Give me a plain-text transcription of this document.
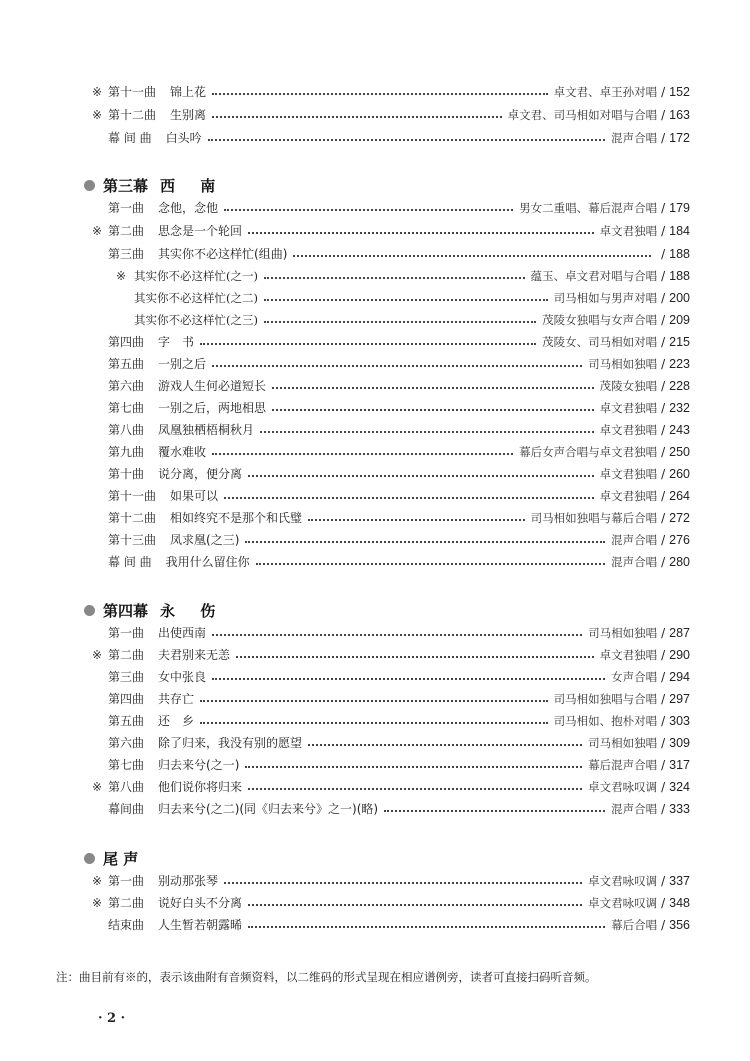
※ 第十一曲 锦上花	卓文君、卓王孙对唱 / 152
※ 第十二曲 生别离	卓文君、司马相如对唱与合唱 / 163
幕 间 曲 白头吟	混声合唱 / 172
第三幕 西 南
第一曲 念他，念他	男女二重唱、幕后混声合唱 / 179
※ 第二曲 思念是一个轮回	卓文君独唱 / 184
第三曲 其实你不必这样忙(组曲)	/ 188
※ 其实你不必这样忙(之一)	蕴玉、卓文君对唱与合唱 / 188
其实你不必这样忙(之二)	司马相如与男声对唱 / 200
其实你不必这样忙(之三)	茂陵女独唱与女声合唱 / 209
第四曲 字　书	茂陵女、司马相如对唱 / 215
第五曲 一别之后	司马相如独唱 / 223
第六曲 游戏人生何必道短长	茂陵女独唱 / 228
第七曲 一别之后，两地相思	卓文君独唱 / 232
第八曲 凤凰独栖梧桐秋月	卓文君独唱 / 243
第九曲 覆水难收	幕后女声合唱与卓文君独唱 / 250
第十曲 说分离，便分离	卓文君独唱 / 260
第十一曲 如果可以	卓文君独唱 / 264
第十二曲 相如终究不是那个和氏璧	司马相如独唱与幕后合唱 / 272
第十三曲 凤求凰(之三)	混声合唱 / 276
幕 间 曲 我用什么留住你	混声合唱 / 280
第四幕 永 伤
第一曲 出使西南	司马相如独唱 / 287
※ 第二曲 夫君别来无恙	卓文君独唱 / 290
第三曲 女中张良	女声合唱 / 294
第四曲 共存亡	司马相如独唱与合唱 / 297
第五曲 还　乡	司马相如、抱朴对唱 / 303
第六曲 除了归来，我没有别的愿望	司马相如独唱 / 309
第七曲 归去来兮(之一)	幕后混声合唱 / 317
※ 第八曲 他们说你将归来	卓文君咏叹调 / 324
幕间曲 归去来兮(之二)(同《归去来兮》之一)(略)	混声合唱 / 333
尾 声
※ 第一曲 别动那张琴	卓文君咏叹调 / 337
※ 第二曲 说好白头不分离	卓文君咏叹调 / 348
结束曲 人生暂若朝露晞	幕后合唱 / 356
注：曲目前有※的，表示该曲附有音频资料，以二维码的形式呈现在相应谱例旁，读者可直接扫码听音频。
· 2 ·
